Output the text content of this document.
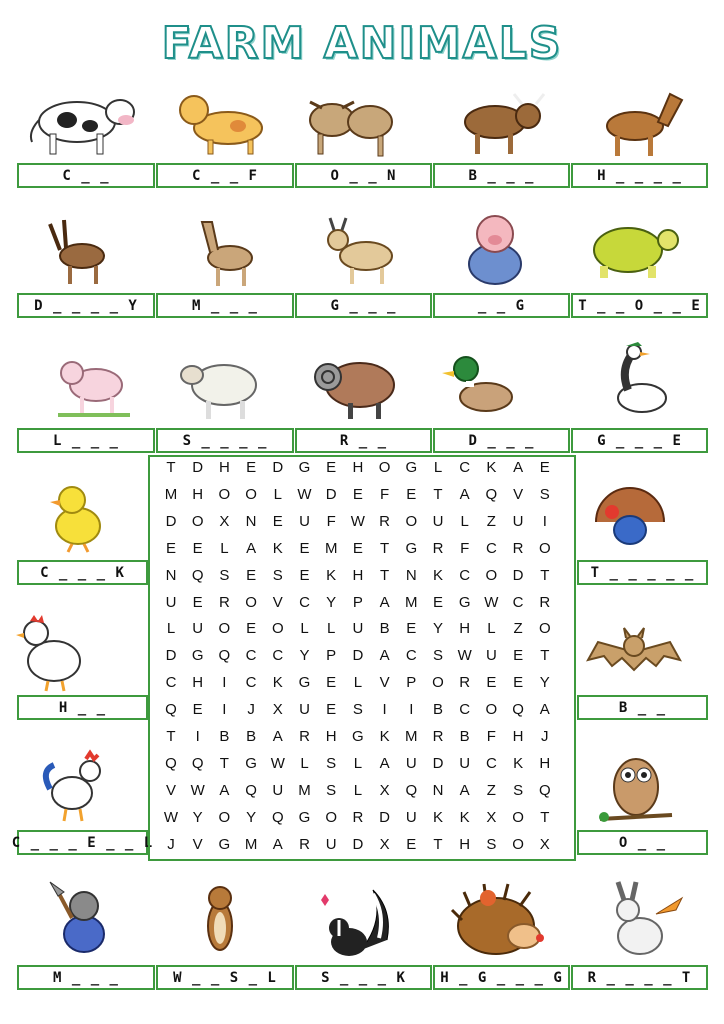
FARM ANIMALS
C _ _	C _ _ F	O _ _ N	B _ _ _	H _ _ _ _
D _ _ _ _ Y	M _ _ _	G _ _ _	_ _ G	T _ _ O _ _ E
L _ _ _	S _ _ _ _	R _ _	D _ _ _	G _ _ _ E
C _ _ _ K
H _ _
C _ _ _ E _ _ L
T _ _ _ _ _
B _ _
O _ _
T	D	H	E	D	G	E	H	O	G	L	C	K	A	E
M	H	O	O	L	W D	E	F	E	T	A	Q	V	S
D	O	X	N	E	U	F	W R	O	U	L	Z	U	I
E	E	L	A	K	E	M	E	T	G	R	F	C	R	O
N	Q	S	E	S	E	K	H	T	N	K	C	O	D	T
U	E	R	O	V	C	Y	P	A	M	E	G W C	R
L	U	O	E	O	L	L	U	B	E	Y	H	L	Z	O
D	G	Q	C	C	Y	P	D	A	C	S W U	E	T
C	H	I	C	K	G	E	L	V	P	O	R	E	E	Y
Q	E	I	J	X	U	E	S	I	I	B	C	O	Q	A
T	I	B	B	A	R	H	G	K	M	R	B	F	H	J
Q	Q	T	G W	L	S	L	A	U	D	U	C	K	H
V W A	Q	U	M	S	L	X	Q	N	A	Z	S	Q
W Y	O	Y	Q	G	O	R	D	U	K	K	X	O	T
J	V	G M	A	R	U	D	X	E	T	H	S	O	X
M _ _ _	W _ _ S _ L	S _ _ _ K	H _ G _ _ _ G	R _ _ _ _ T
